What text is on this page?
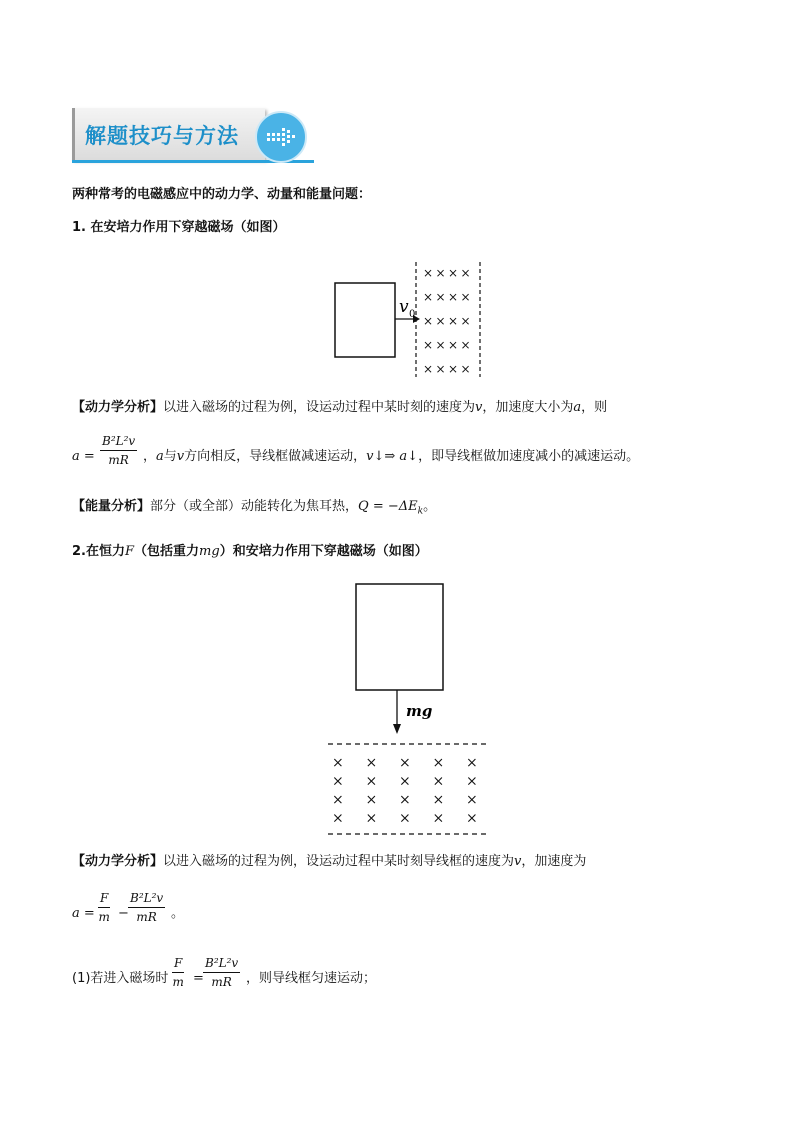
解题技巧与方法
两种常考的电磁感应中的动力学、动量和能量问题：
1. 在安培力作用下穿越磁场（如图）
v 0
× × × ×
× × × ×
× × × ×
× × × ×
× × × ×
【动力学分析】以进入磁场的过程为例，设运动过程中某时刻的速度为v，加速度大小为a，则
a =
B²L²v
mR	，a与v方向相反，导线框做减速运动，v↓⇒ a↓，即导线框做加速度减小的减速运动。
【能量分析】部分（或全部）动能转化为焦耳热，$Q = -\Delta E_k$。
2.在恒力F（包括重力mg）和安培力作用下穿越磁场（如图）
mg
× × × × ×
× × × × ×
× × × × ×
× × × × ×
【动力学分析】以进入磁场的过程为例，设运动过程中某时刻导线框的速度为v，加速度为
a =
F
m −
B²L²v
mR	。
(1)若进入磁场时
F
m =
B²L²v
mR	，则导线框匀速运动；
